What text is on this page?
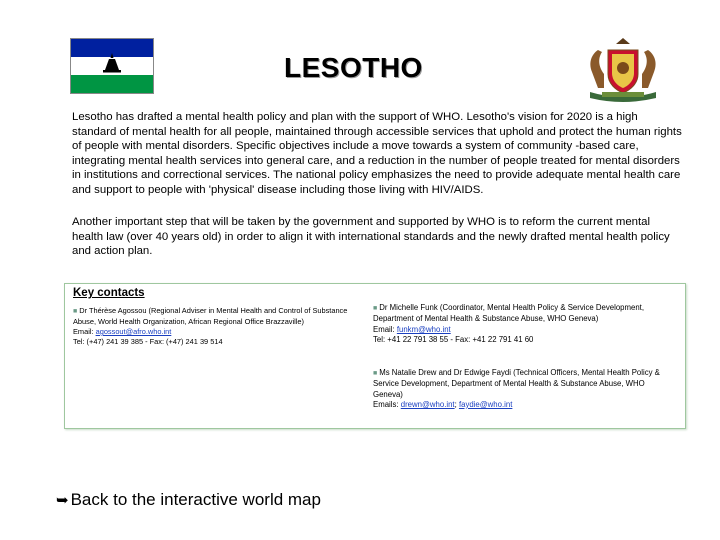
LESOTHO

Lesotho has drafted a mental health policy and plan with the support of WHO. Lesotho's vision for 2020 is a high standard of mental health for all people, maintained through accessible services that uphold and protect the human rights of people with mental disorders. Specific objectives include a move towards a system of community -based care, integrating mental health services into general care, and a reduction in the number of people treated for mental disorders in institutions and correctional services. The national policy emphasizes the need to provide adequate mental health care and support to people with 'physical' disease including those living with HIV/AIDS.

Another important step that will be taken by the government and supported by WHO is to reform the current mental health law (over 40 years old) in order to align it with international standards and the newly drafted mental health policy and action plan.

Key contacts
■ Dr Thérèse Agossou (Regional Adviser in Mental Health and Control of Substance Abuse, World Health Organization, African Regional Office Brazzaville)
Email: agossout@afro.who.int
Tel: (+47) 241 39 385 - Fax: (+47) 241 39 514
■ Dr Michelle Funk (Coordinator, Mental Health Policy & Service Development, Department of Mental Health & Substance Abuse, WHO Geneva)
Email: funkm@who.int
Tel: +41 22 791 38 55 - Fax: +41 22 791 41 60
■ Ms Natalie Drew and Dr Edwige Faydi (Technical Officers, Mental Health Policy & Service Development, Department of Mental Health & Substance Abuse, WHO Geneva)
Emails: drewn@who.int; faydie@who.int
➥ Back to the interactive world map
